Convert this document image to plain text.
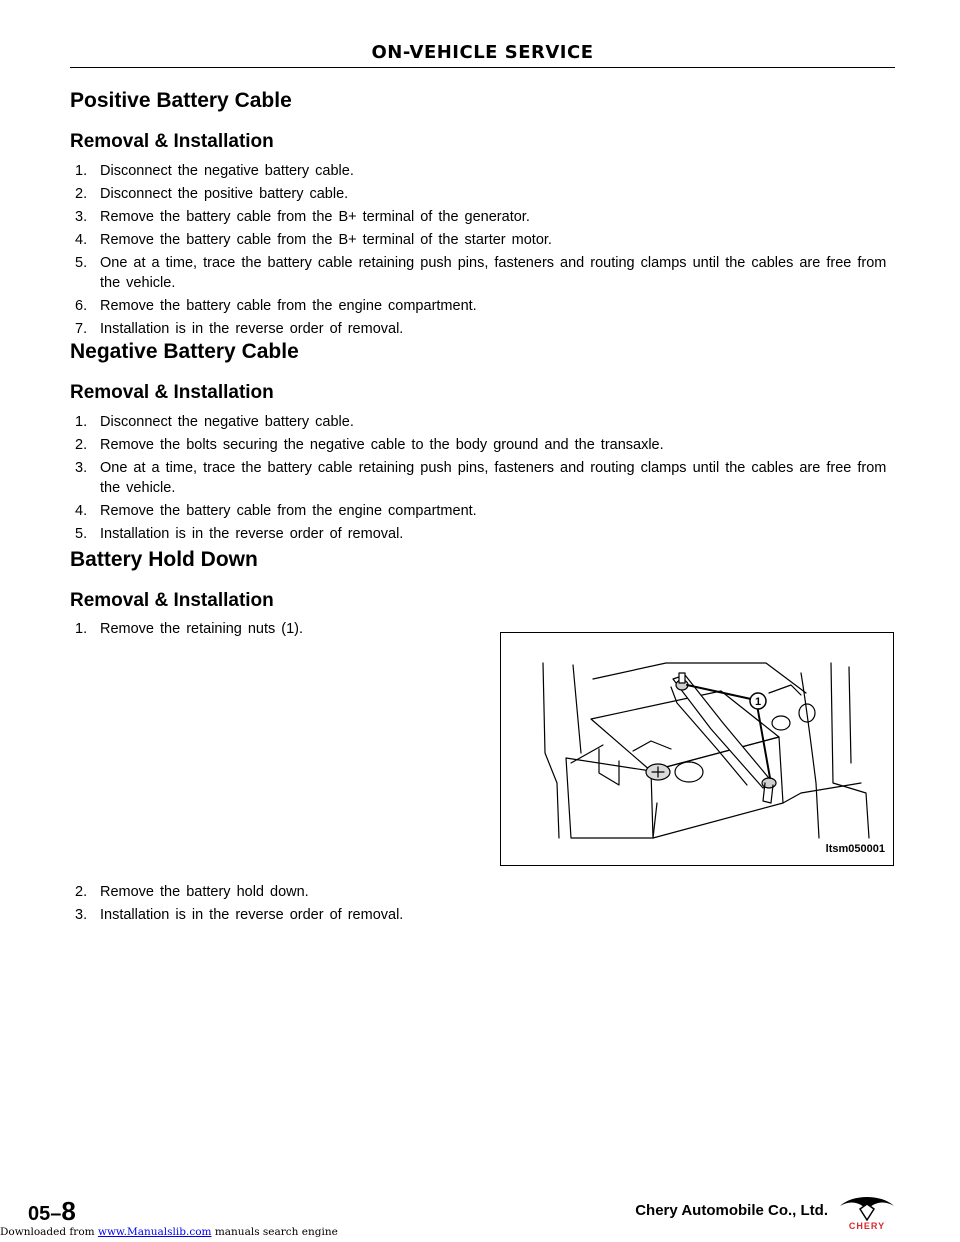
ON-VEHICLE SERVICE
Positive Battery Cable
Removal & Installation
1. Disconnect the negative battery cable.
2. Disconnect the positive battery cable.
3. Remove the battery cable from the B+ terminal of the generator.
4. Remove the battery cable from the B+ terminal of the starter motor.
5. One at a time, trace the battery cable retaining push pins, fasteners and routing clamps until the cables are free from the vehicle.
6. Remove the battery cable from the engine compartment.
7. Installation is in the reverse order of removal.
Negative Battery Cable
Removal & Installation
1. Disconnect the negative battery cable.
2. Remove the bolts securing the negative cable to the body ground and the transaxle.
3. One at a time, trace the battery cable retaining push pins, fasteners and routing clamps until the cables are free from the vehicle.
4. Remove the battery cable from the engine compartment.
5. Installation is in the reverse order of removal.
Battery Hold Down
Removal & Installation
1. Remove the retaining nuts (1).
2. Remove the battery hold down.
3. Installation is in the reverse order of removal.
1
ltsm050001
05–8	Chery Automobile Co., Ltd.
CHERY
Downloaded from www.Manualslib.com manuals search engine
